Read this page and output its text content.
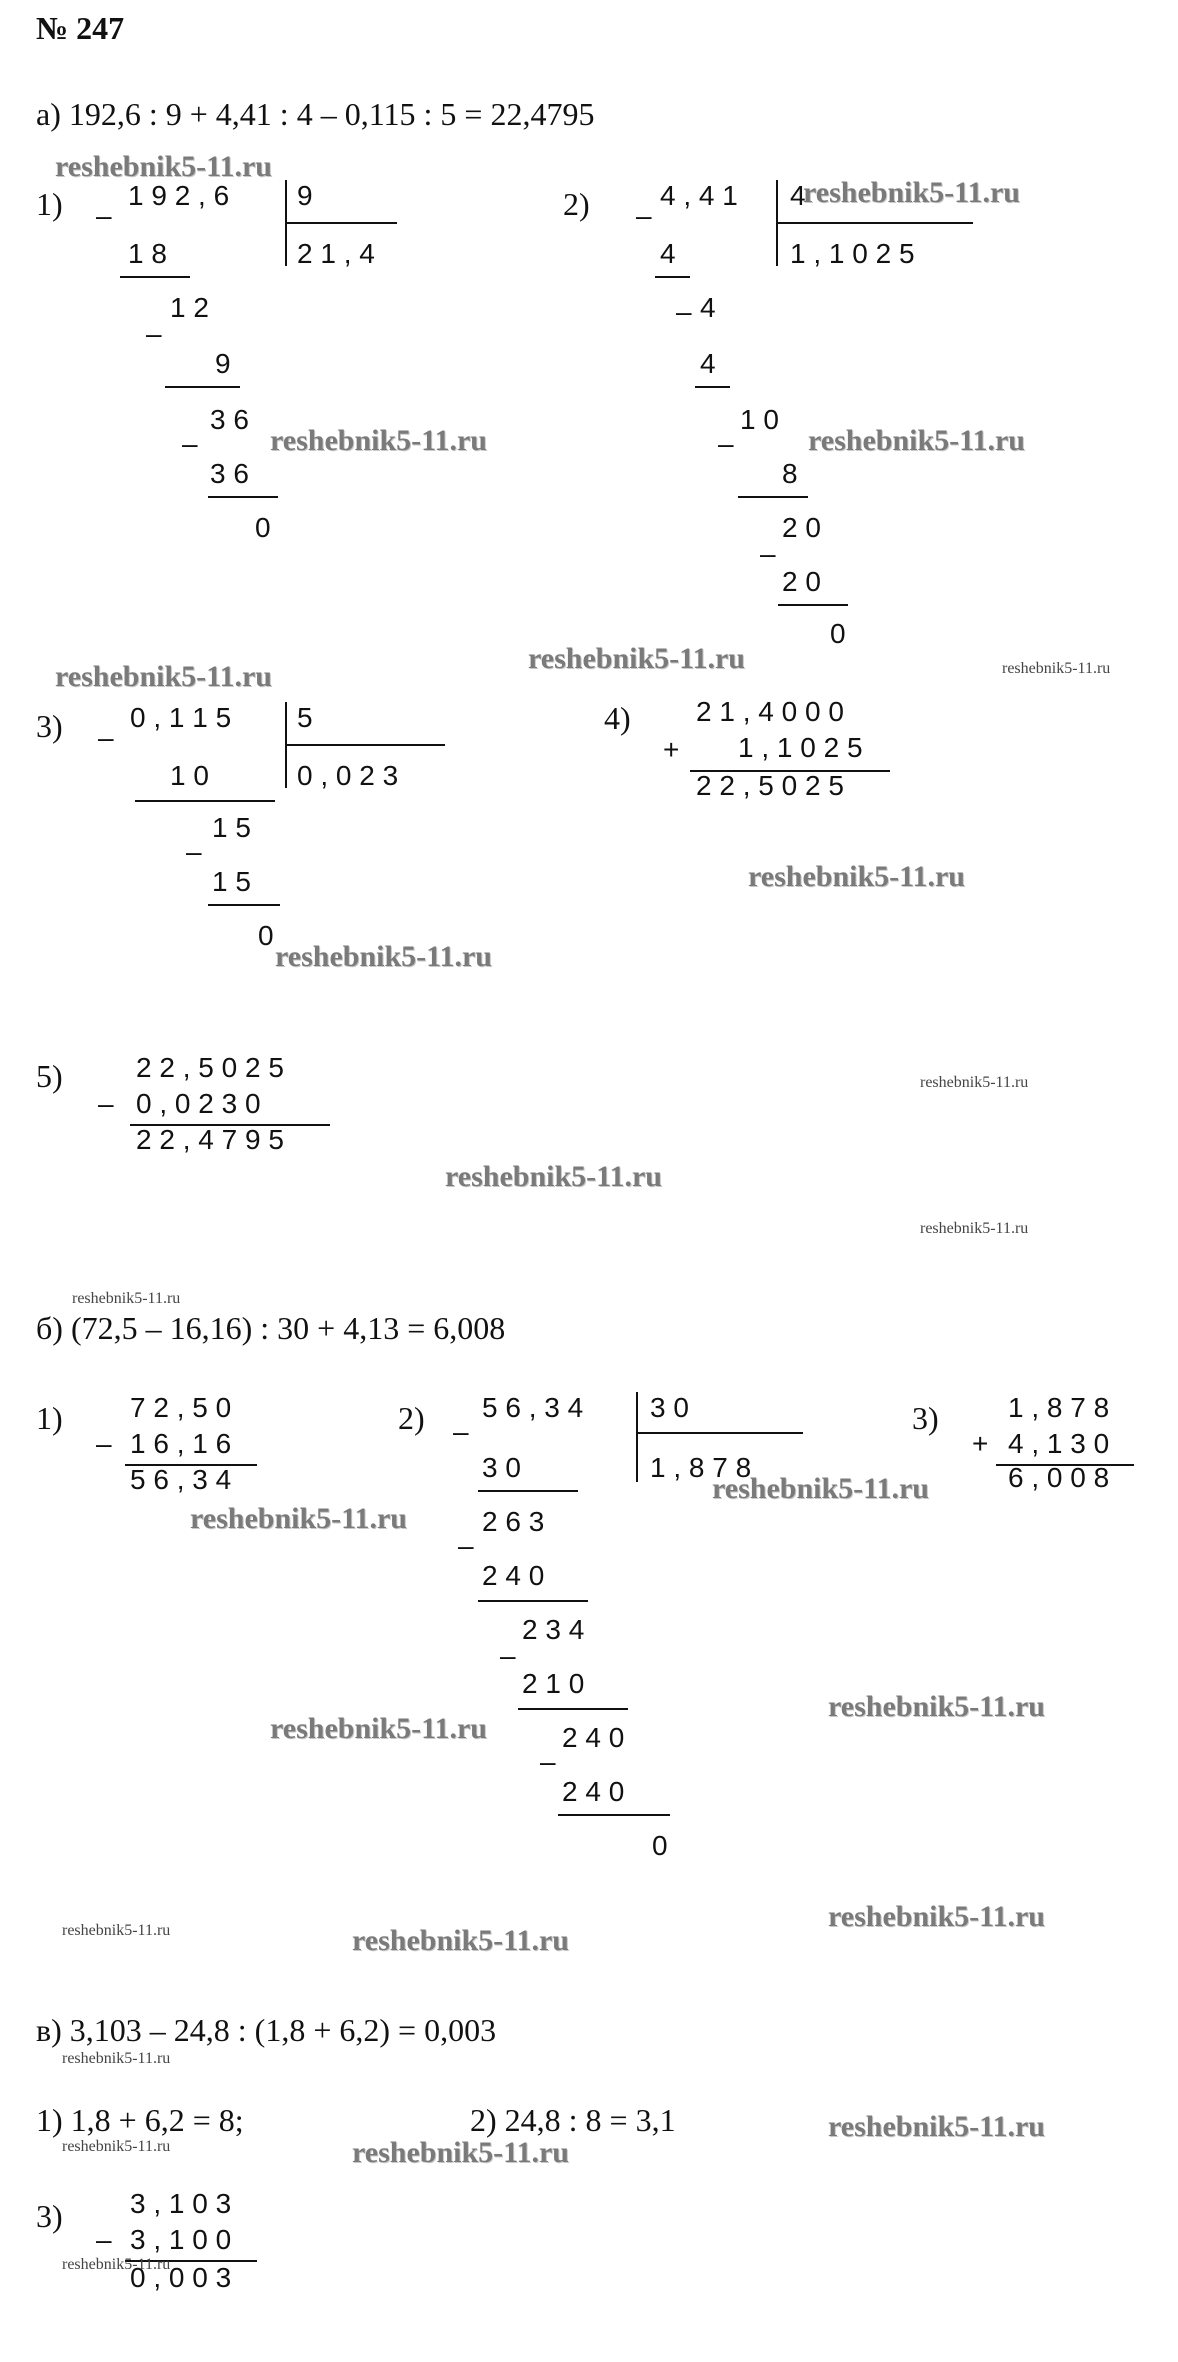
№ 247
а) 192,6 : 9 + 4,41 : 4 – 0,115 : 5 = 22,4795
1) –
1 9 2 , 6 9
2 1 , 4
1 8
1 2
–
9
3 6
–
3 6
0
reshebnik5-11.ru
reshebnik5-11.ru
2) –
4 , 4 1 4
reshebnik5-11.ru
1 , 1 0 2 5
4
– 4
4
1 0
–
8
2 0
–
2 0
0
reshebnik5-11.ru
reshebnik5-11.ru
reshebnik5-11.ru	reshebnik5-11.ru
3) –
0 , 1 1 5 5
0 , 0 2 3
1 0
1 5
–
1 5
0
reshebnik5-11.ru
4) 2 1 , 4 0 0 0
+ 1 , 1 0 2 5
2 2 , 5 0 2 5
reshebnik5-11.ru
5)	2 2 , 5 0 2 5
– 0 , 0 2 3 0
2 2 , 4 7 9 5
reshebnik5-11.ru
reshebnik5-11.ru
reshebnik5-11.ru
reshebnik5-11.ru
б) (72,5 – 16,16) : 30 + 4,13 = 6,008
1) 7 2 , 5 0
– 1 6 , 1 6
5 6 , 3 4
reshebnik5-11.ru
2) –
5 6 , 3 4 3 0
1 , 8 7 8
reshebnik5-11.ru
3 0
2 6 3
–
2 4 0
2 3 4
–
2 1 0
2 4 0
–
2 4 0
0
reshebnik5-11.ru
3) 1 , 8 7 8
+ 4 , 1 3 0
6 , 0 0 8
reshebnik5-11.ru
reshebnik5-11.ru	reshebnik5-11.ru
reshebnik5-11.ru
в) 3,103 – 24,8 : (1,8 + 6,2) = 0,003
reshebnik5-11.ru
1) 1,8 + 6,2 = 8;
reshebnik5-11.ru
2) 24,8 : 8 = 3,1
reshebnik5-11.ru
reshebnik5-11.ru
3) 3 , 1 0 3
– 3 , 1 0 0
0 , 0 0 3
reshebnik5-11.ru
